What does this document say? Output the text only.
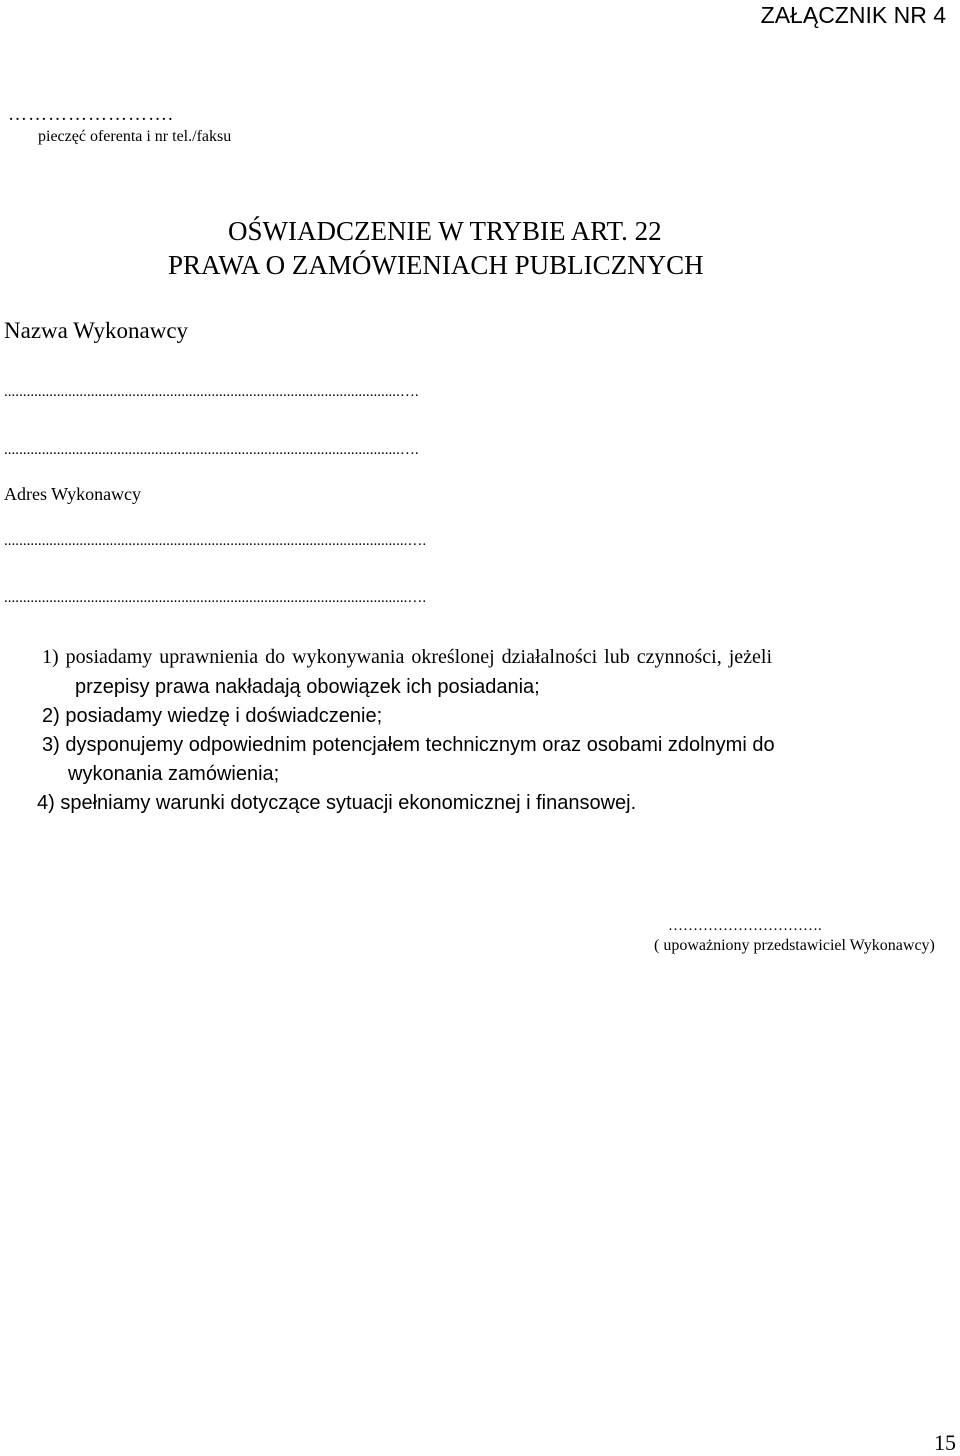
ZAŁĄCZNIK NR 4
…………………….
pieczęć oferenta i nr tel./faksu
OŚWIADCZENIE W TRYBIE ART. 22
PRAWA O ZAMÓWIENIACH PUBLICZNYCH
Nazwa Wykonawcy
.........................................................................................................….
.........................................................................................................….
Adres Wykonawcy
...........................................................................................................….
...........................................................................................................….
1) posiadamy uprawnienia do wykonywania określonej działalności lub czynności, jeżeli
przepisy prawa nakładają obowiązek ich posiadania;
2) posiadamy wiedzę i doświadczenie;
3) dysponujemy odpowiednim potencjałem technicznym oraz osobami zdolnymi do
wykonania zamówienia;
4) spełniamy warunki dotyczące sytuacji ekonomicznej i finansowej.
………………………….
( upoważniony przedstawiciel Wykonawcy)
15
